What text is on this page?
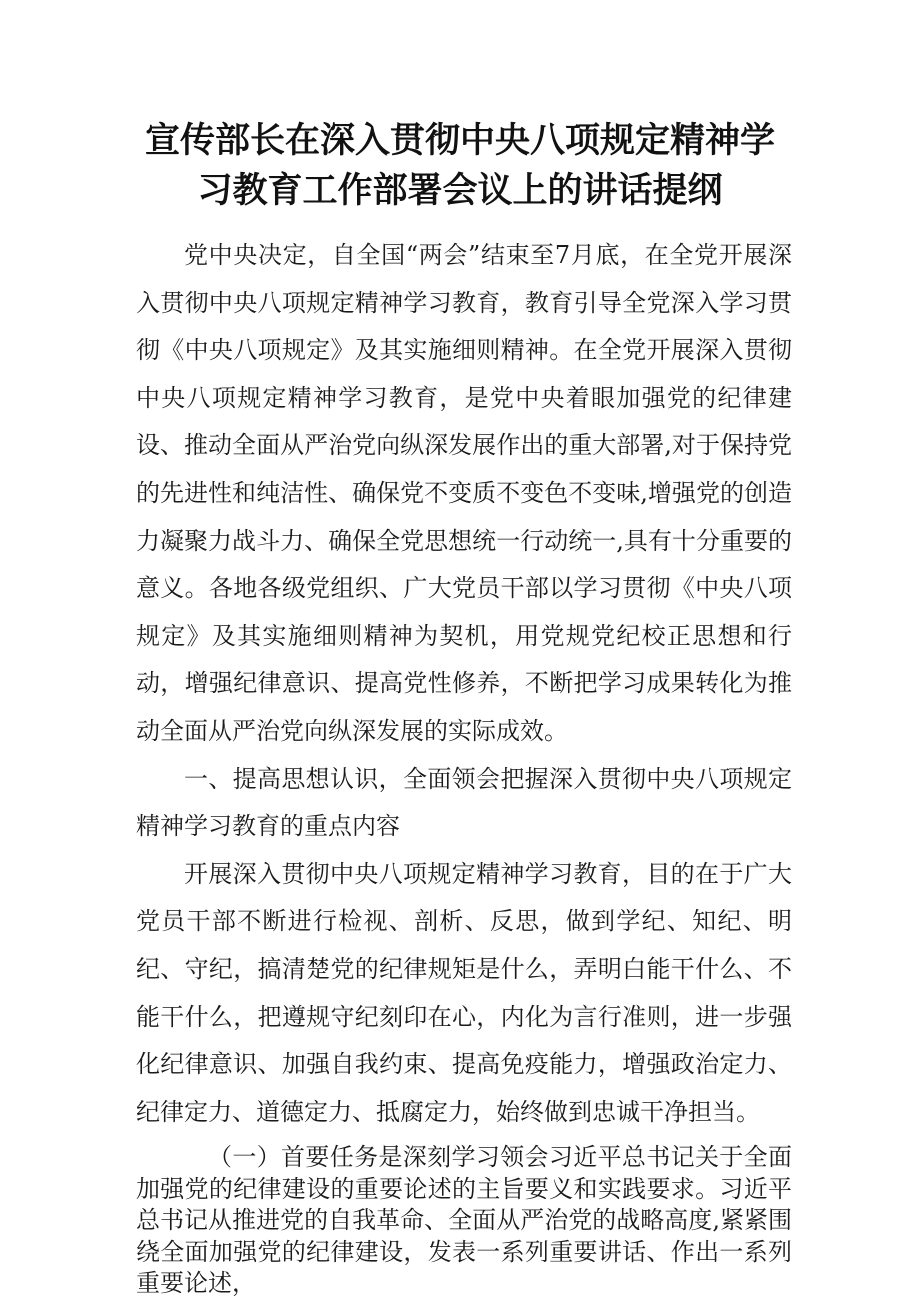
宣传部长在深入贯彻中央八项规定精神学
习教育工作部署会议上的讲话提纲

党中央决定，自全国“两会”结束至7月底，在全党开展深入贯彻中央八项规定精神学习教育，教育引导全党深入学习贯彻《中央八项规定》及其实施细则精神。在全党开展深入贯彻中央八项规定精神学习教育，是党中央着眼加强党的纪律建设、推动全面从严治党向纵深发展作出的重大部署,对于保持党的先进性和纯洁性、确保党不变质不变色不变味,增强党的创造力凝聚力战斗力、确保全党思想统一行动统一,具有十分重要的意义。各地各级党组织、广大党员干部以学习贯彻《中央八项规定》及其实施细则精神为契机，用党规党纪校正思想和行动，增强纪律意识、提高党性修养，不断把学习成果转化为推动全面从严治党向纵深发展的实际成效。

一、提高思想认识，全面领会把握深入贯彻中央八项规定精神学习教育的重点内容

开展深入贯彻中央八项规定精神学习教育，目的在于广大党员干部不断进行检视、剖析、反思，做到学纪、知纪、明纪、守纪，搞清楚党的纪律规矩是什么，弄明白能干什么、不能干什么，把遵规守纪刻印在心，内化为言行准则，进一步强化纪律意识、加强自我约束、提高免疫能力，增强政治定力、纪律定力、道德定力、抵腐定力，始终做到忠诚干净担当。

（一）首要任务是深刻学习领会习近平总书记关于全面加强党的纪律建设的重要论述的主旨要义和实践要求。习近平总书记从推进党的自我革命、全面从严治党的战略高度,紧紧围绕全面加强党的纪律建设，发表一系列重要讲话、作出一系列重要论述，
